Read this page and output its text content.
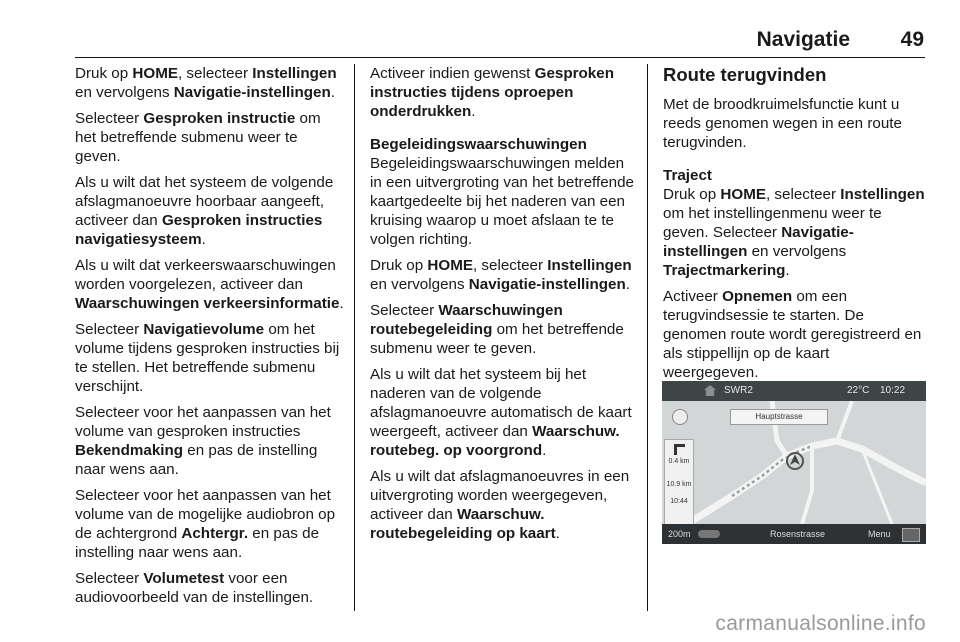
Navigatie 49

Druk op HOME, selecteer Instellingen en vervolgens Navigatie-instellingen.

Selecteer Gesproken instructie om het betreffende submenu weer te geven.

Als u wilt dat het systeem de volgende afslagmanoeuvre hoorbaar aangeeft, activeer dan Gesproken instructies navigatiesysteem.

Als u wilt dat verkeerswaarschuwingen worden voorgelezen, activeer dan Waarschuwingen verkeersinformatie.

Selecteer Navigatievolume om het volume tijdens gesproken instructies bij te stellen. Het betreffende submenu verschijnt.

Selecteer voor het aanpassen van het volume van gesproken instructies Bekendmaking en pas de instelling naar wens aan.

Selecteer voor het aanpassen van het volume van de mogelijke audiobron op de achtergrond Achtergr. en pas de instelling naar wens aan.

Selecteer Volumetest voor een audiovoorbeeld van de instellingen.

Activeer indien gewenst Gesproken instructies tijdens oproepen onderdrukken.

Begeleidingswaarschuwingen

Begeleidingswaarschuwingen melden in een uitvergroting van het betreffende kaartgedeelte bij het naderen van een kruising waarop u moet afslaan te te volgen richting.

Druk op HOME, selecteer Instellingen en vervolgens Navigatie-instellingen.

Selecteer Waarschuwingen routebegeleiding om het betreffende submenu weer te geven.

Als u wilt dat het systeem bij het naderen van de volgende afslagmanoeuvre automatisch de kaart weergeeft, activeer dan Waarschuw. routebeg. op voorgrond.

Als u wilt dat afslagmanoeuvres in een uitvergroting worden weergegeven, activeer dan Waarschuw. routebegeleiding op kaart.

Route terugvinden

Met de broodkruimelsfunctie kunt u reeds genomen wegen in een route terugvinden.

Traject

Druk op HOME, selecteer Instellingen om het instellingenmenu weer te geven. Selecteer Navigatie-instellingen en vervolgens Trajectmarkering.

Activeer Opnemen om een terugvindsessie te starten. De genomen route wordt geregistreerd en als stippellijn op de kaart weergegeven.

SWR2	22°C 10:22
Hauptstrasse
0.4 km
10.9 km
10:44
200m	Rosenstrasse	Menu
carmanualsonline.info
